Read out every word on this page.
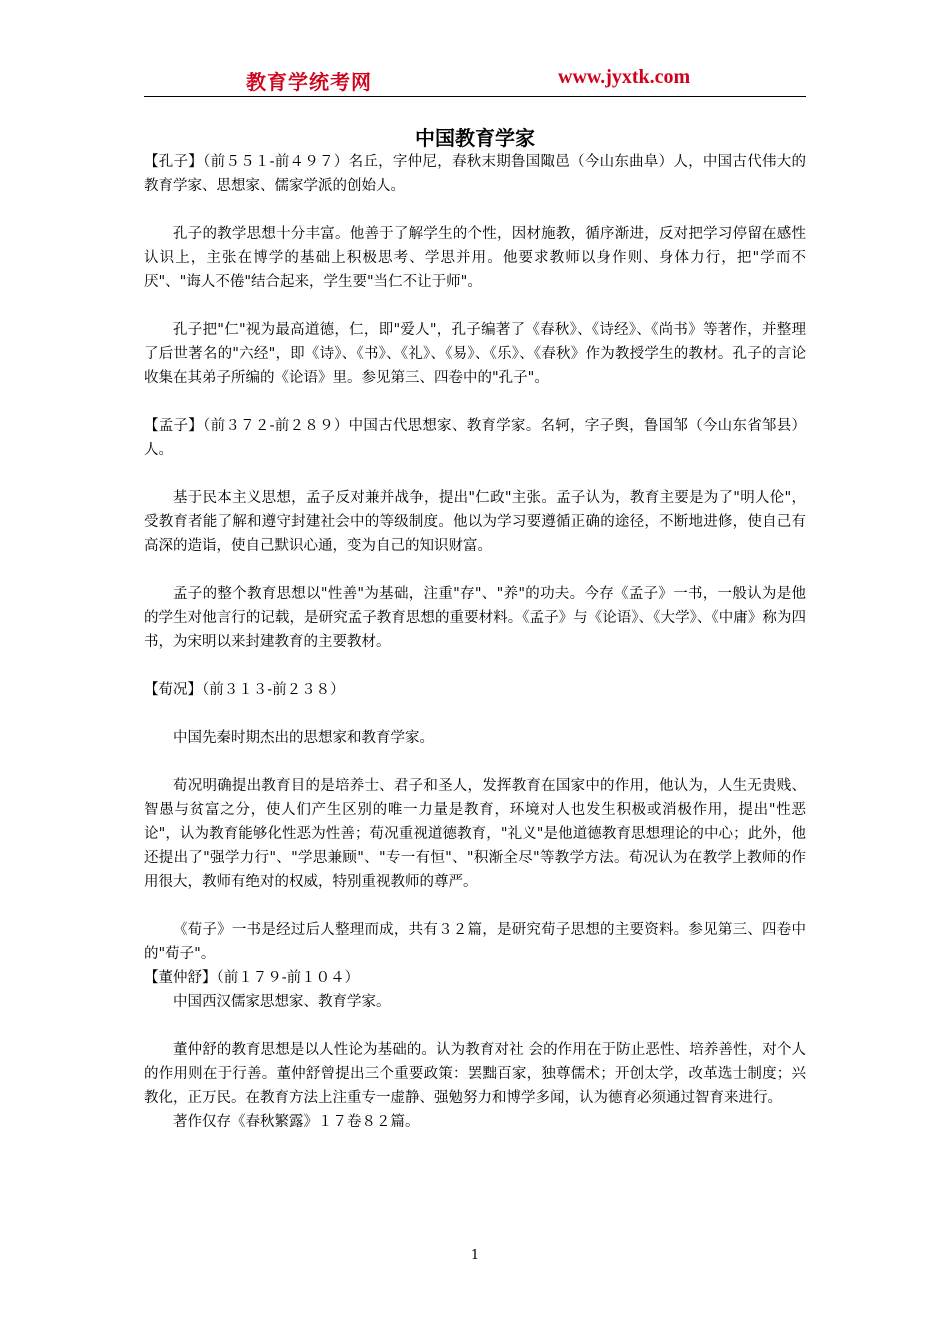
教育学统考网	www.jyxtk.com
中国教育学家

【孔子】（前５５１-前４９７）名丘，字仲尼，春秋末期鲁国陬邑（今山东曲阜）人，中国古代伟大的教育学家、思想家、儒家学派的创始人。

孔子的教学思想十分丰富。他善于了解学生的个性，因材施教，循序渐进，反对把学习停留在感性认识上，主张在博学的基础上积极思考、学思并用。他要求教师以身作则、身体力行，把"学而不厌"、"诲人不倦"结合起来，学生要"当仁不让于师"。

孔子把"仁"视为最高道德，仁，即"爱人"，孔子编著了《春秋》、《诗经》、《尚书》等著作，并整理了后世著名的"六经"，即《诗》、《书》、《礼》、《易》、《乐》、《春秋》作为教授学生的教材。孔子的言论收集在其弟子所编的《论语》里。参见第三、四卷中的"孔子"。

【孟子】（前３７２-前２８９）中国古代思想家、教育学家。名轲，字子舆，鲁国邹（今山东省邹县）人。

基于民本主义思想，孟子反对兼并战争，提出"仁政"主张。孟子认为，教育主要是为了"明人伦"，受教育者能了解和遵守封建社会中的等级制度。他以为学习要遵循正确的途径，不断地进修，使自己有高深的造诣，使自己默识心通，变为自己的知识财富。

孟子的整个教育思想以"性善"为基础，注重"存"、"养"的功夫。今存《孟子》一书，一般认为是他的学生对他言行的记载，是研究孟子教育思想的重要材料。《孟子》与《论语》、《大学》、《中庸》称为四书，为宋明以来封建教育的主要教材。

【荀况】（前３１３-前２３８）

中国先秦时期杰出的思想家和教育学家。

荀况明确提出教育目的是培养士、君子和圣人，发挥教育在国家中的作用，他认为，人生无贵贱、智愚与贫富之分，使人们产生区别的唯一力量是教育，环境对人也发生积极或消极作用，提出"性恶论"，认为教育能够化性恶为性善；荀况重视道德教育，"礼义"是他道德教育思想理论的中心；此外，他还提出了"强学力行"、"学思兼顾"、"专一有恒"、"积渐全尽"等教学方法。荀况认为在教学上教师的作用很大，教师有绝对的权威，特别重视教师的尊严。

《荀子》一书是经过后人整理而成，共有３２篇，是研究荀子思想的主要资料。参见第三、四卷中的"荀子"。

【董仲舒】（前１７９-前１０４）

中国西汉儒家思想家、教育学家。

董仲舒的教育思想是以人性论为基础的。认为教育对社 会的作用在于防止恶性、培养善性，对个人的作用则在于行善。董仲舒曾提出三个重要政策：罢黜百家，独尊儒术；开创太学，改革选士制度；兴教化，正万民。在教育方法上注重专一虚静、强勉努力和博学多闻，认为德育必须通过智育来进行。

著作仅存《春秋繁露》１７卷８２篇。

1
